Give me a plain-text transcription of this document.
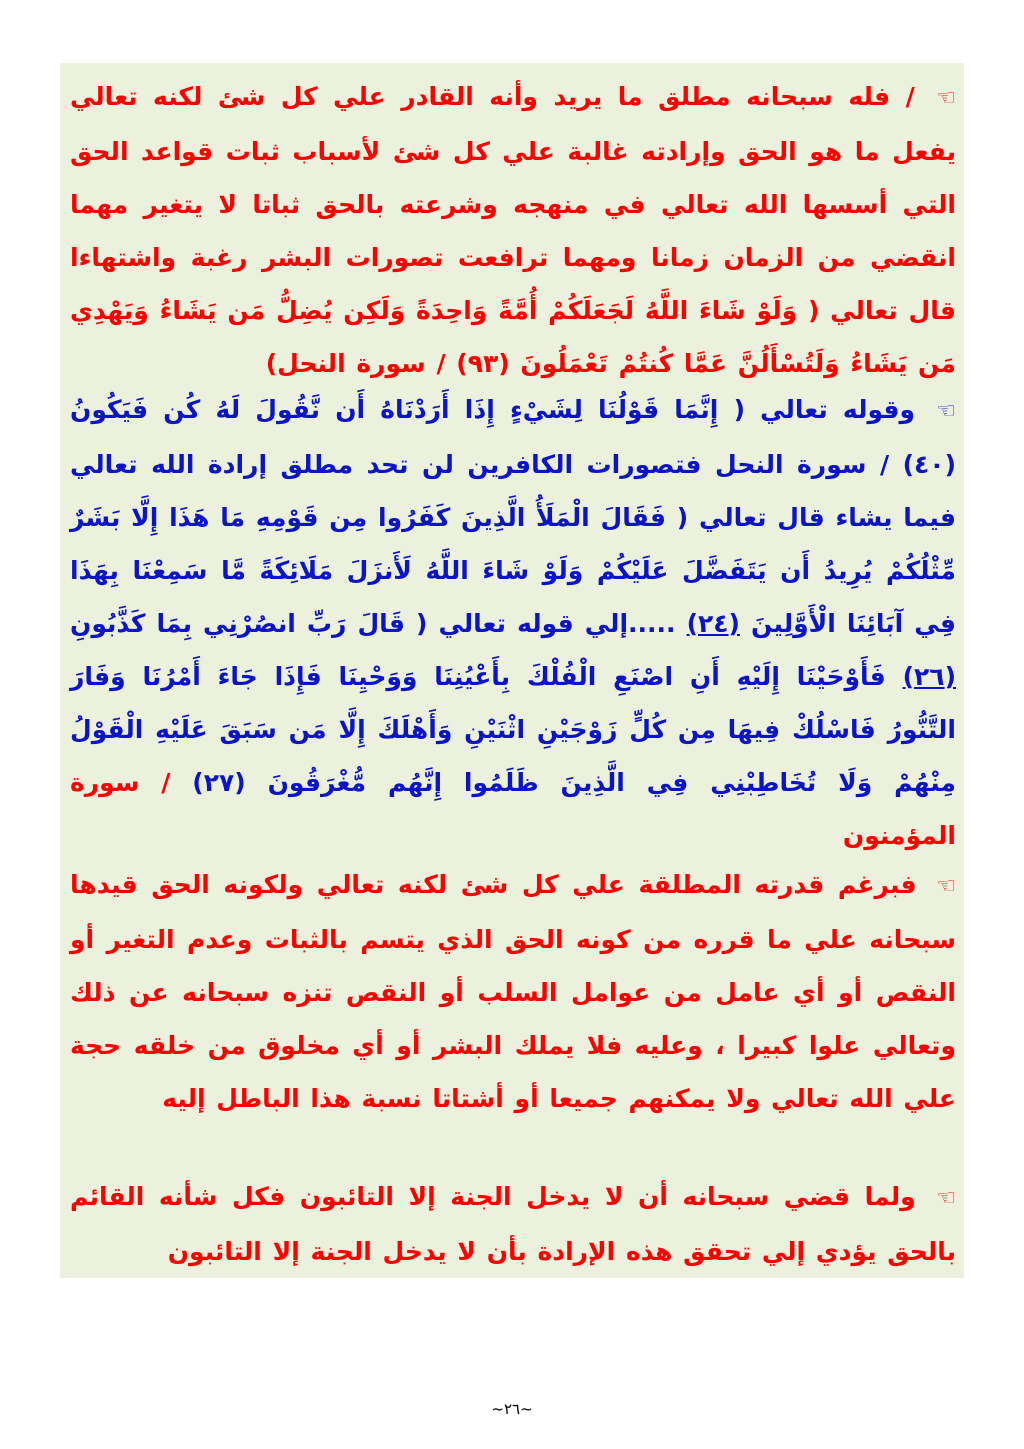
☜ / فله سبحانه مطلق ما يريد وأنه القادر علي كل شئ لكنه تعالي يفعل ما هو الحق وإرادته غالبة علي كل شئ لأسباب ثبات قواعد الحق التي أسسها الله تعالي في منهجه وشرعته بالحق ثباتا لا يتغير مهما انقضي من الزمان زمانا ومهما ترافعت تصورات البشر رغبة واشتهاءا قال تعالي ( وَلَوْ شَاءَ اللَّهُ لَجَعَلَكُمْ أُمَّةً وَاحِدَةً وَلَكِن يُضِلُّ مَن يَشَاءُ وَيَهْدِي مَن يَشَاءُ وَلَتُسْأَلُنَّ عَمَّا كُنتُمْ تَعْمَلُونَ (٩٣) / سورة النحل)

☜ وقوله تعالي ( إِنَّمَا قَوْلُنَا لِشَيْءٍ إِذَا أَرَدْنَاهُ أَن نَّقُولَ لَهُ كُن فَيَكُونُ (٤٠) / سورة النحل فتصورات الكافرين لن تحد مطلق إرادة الله تعالي فيما يشاء قال تعالي ( فَقَالَ الْمَلَأُ الَّذِينَ كَفَرُوا مِن قَوْمِهِ مَا هَذَا إِلَّا بَشَرٌ مِّثْلُكُمْ يُرِيدُ أَن يَتَفَضَّلَ عَلَيْكُمْ وَلَوْ شَاءَ اللَّهُ لَأَنزَلَ مَلَائِكَةً مَّا سَمِعْنَا بِهَذَا فِي آبَائِنَا الْأَوَّلِينَ (٢٤) .....إلي قوله تعالي ( قَالَ رَبِّ انصُرْنِي بِمَا كَذَّبُونِ (٢٦) فَأَوْحَيْنَا إِلَيْهِ أَنِ اصْنَعِ الْفُلْكَ بِأَعْيُنِنَا وَوَحْيِنَا فَإِذَا جَاءَ أَمْرُنَا وَفَارَ التَّنُّورُ فَاسْلُكْ فِيهَا مِن كُلٍّ زَوْجَيْنِ اثْنَيْنِ وَأَهْلَكَ إِلَّا مَن سَبَقَ عَلَيْهِ الْقَوْلُ مِنْهُمْ وَلَا تُخَاطِبْنِي فِي الَّذِينَ ظَلَمُوا إِنَّهُم مُّغْرَقُونَ (٢٧) / سورة المؤمنون

☜ فبرغم قدرته المطلقة علي كل شئ لكنه تعالي ولكونه الحق قيدها سبحانه علي ما قرره من كونه الحق الذي يتسم بالثبات وعدم التغير أو النقص أو أي عامل من عوامل السلب أو النقص تنزه سبحانه عن ذلك وتعالي علوا كبيرا ، وعليه فلا يملك البشر أو أي مخلوق من خلقه حجة علي الله تعالي ولا يمكنهم جميعا أو أشتاتا نسبة هذا الباطل إليه

☜ ولما قضي سبحانه أن لا يدخل الجنة إلا التائبون فكل شأنه القائم بالحق يؤدي إلي تحقق هذه الإرادة بأن لا يدخل الجنة إلا التائبون

~٢٦~
